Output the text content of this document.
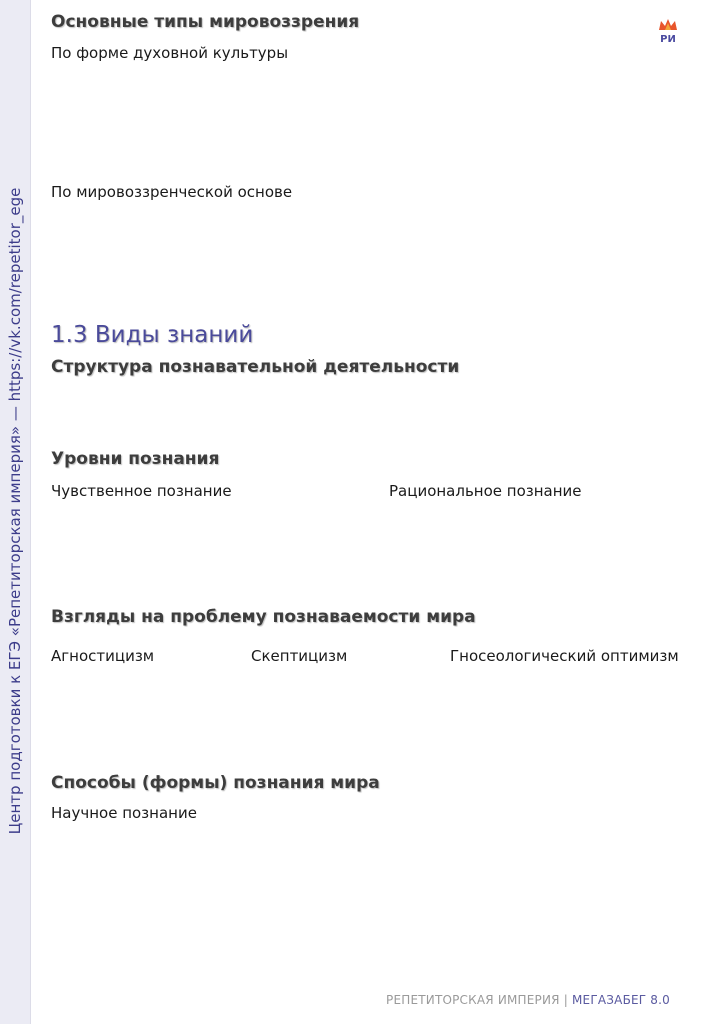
Центр подготовки к ЕГЭ «Репетиторская империя» — https://vk.com/repetitor_ege
РИ
Основные типы мировоззрения
По форме духовной культуры
По мировоззренческой основе
1.3 Виды знаний
Структура познавательной деятельности
Уровни познания
Чувственное познание	Рациональное познание
Взгляды на проблему познаваемости мира
Агностицизм	Скептицизм	Гносеологический оптимизм
Способы (формы) познания мира
Научное познание
РЕПЕТИТОРСКАЯ ИМПЕРИЯ | МЕГАЗАБЕГ 8.0
